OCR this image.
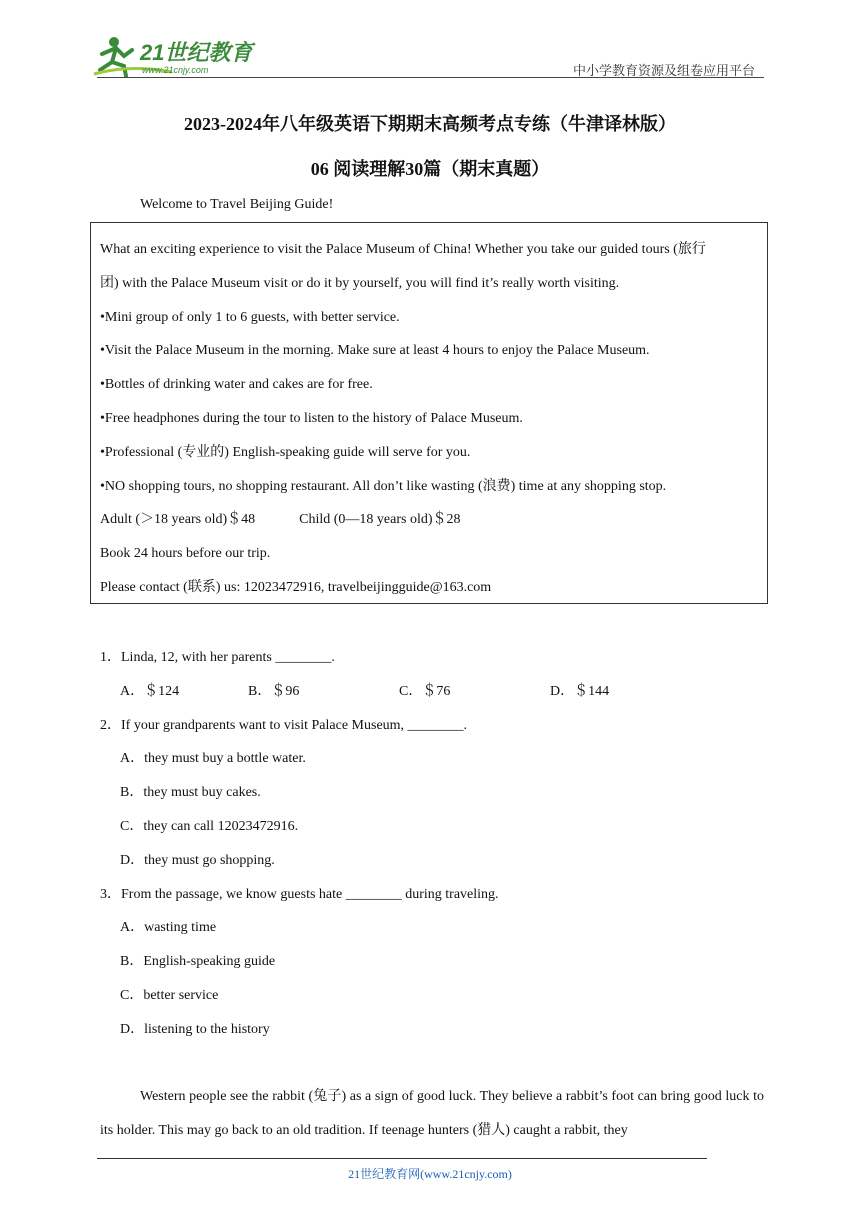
21世纪教育
www.21cnjy.com	中小学教育资源及组卷应用平台
2023-2024年八年级英语下期期末高频考点专练（牛津译林版）
06 阅读理解30篇（期末真题）
Welcome to Travel Beijing Guide!
What an exciting experience to visit the Palace Museum of China! Whether you take our guided tours (旅行
团) with the Palace Museum visit or do it by yourself, you will find it’s really worth visiting.
•Mini group of only 1 to 6 guests, with better service.
•Visit the Palace Museum in the morning. Make sure at least 4 hours to enjoy the Palace Museum.
•Bottles of drinking water and cakes are for free.
•Free headphones during the tour to listen to the history of Palace Museum.
•Professional (专业的) English-speaking guide will serve for you.
•NO shopping tours, no shopping restaurant. All don’t like wasting (浪费) time at any shopping stop.
Adult (＞18 years old)＄48	Child (0—18 years old)＄28
Book 24 hours before our trip.
Please contact (联系) us: 12023472916, travelbeijingguide@163.com
1．Linda, 12, with her parents ________.
A．＄124	B．＄96	C．＄76	D．＄144
2．If your grandparents want to visit Palace Museum, ________.
A．they must buy a bottle water.
B．they must buy cakes.
C．they can call 12023472916.
D．they must go shopping.
3．From the passage, we know guests hate ________ during traveling.
A．wasting time
B．English-speaking guide
C．better service
D．listening to the history
Western people see the rabbit (兔子) as a sign of good luck. They believe a rabbit’s foot can bring good luck to its holder. This may go back to an old tradition. If teenage hunters (猎人) caught a rabbit, they
21世纪教育网(www.21cnjy.com)
